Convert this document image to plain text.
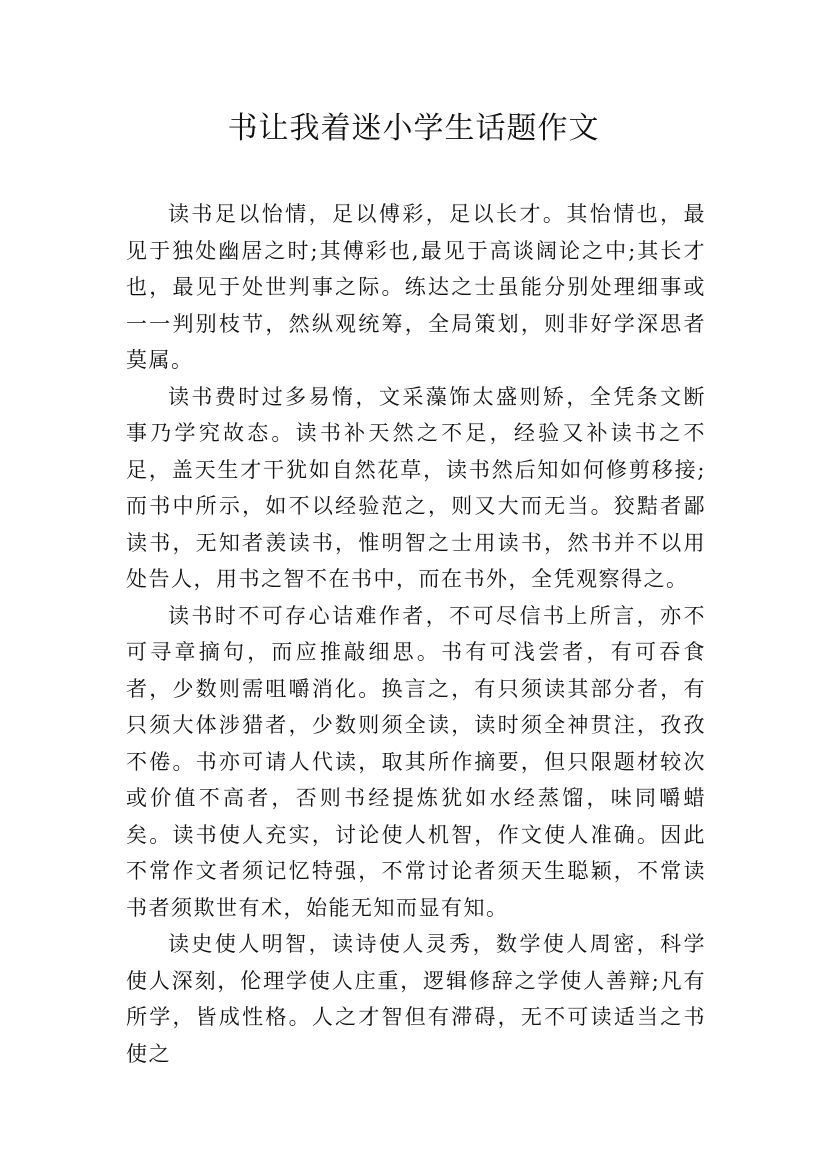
书让我着迷小学生话题作文

读书足以怡情，足以傅彩，足以长才。其怡情也，最见于独处幽居之时;其傅彩也,最见于高谈阔论之中;其长才也，最见于处世判事之际。练达之士虽能分别处理细事或一一判别枝节，然纵观统筹，全局策划，则非好学深思者莫属。

读书费时过多易惰，文采藻饰太盛则矫，全凭条文断事乃学究故态。读书补天然之不足，经验又补读书之不足，盖天生才干犹如自然花草，读书然后知如何修剪移接;而书中所示，如不以经验范之，则又大而无当。狡黠者鄙读书，无知者羡读书，惟明智之士用读书，然书并不以用处告人，用书之智不在书中，而在书外，全凭观察得之。

读书时不可存心诘难作者，不可尽信书上所言，亦不可寻章摘句，而应推敲细思。书有可浅尝者，有可吞食者，少数则需咀嚼消化。换言之，有只须读其部分者，有只须大体涉猎者，少数则须全读，读时须全神贯注，孜孜不倦。书亦可请人代读，取其所作摘要，但只限题材较次或价值不高者，否则书经提炼犹如水经蒸馏，味同嚼蜡矣。读书使人充实，讨论使人机智，作文使人准确。因此不常作文者须记忆特强，不常讨论者须天生聪颖，不常读书者须欺世有术，始能无知而显有知。

读史使人明智，读诗使人灵秀，数学使人周密，科学使人深刻，伦理学使人庄重，逻辑修辞之学使人善辩;凡有所学，皆成性格。人之才智但有滞碍，无不可读适当之书使之
